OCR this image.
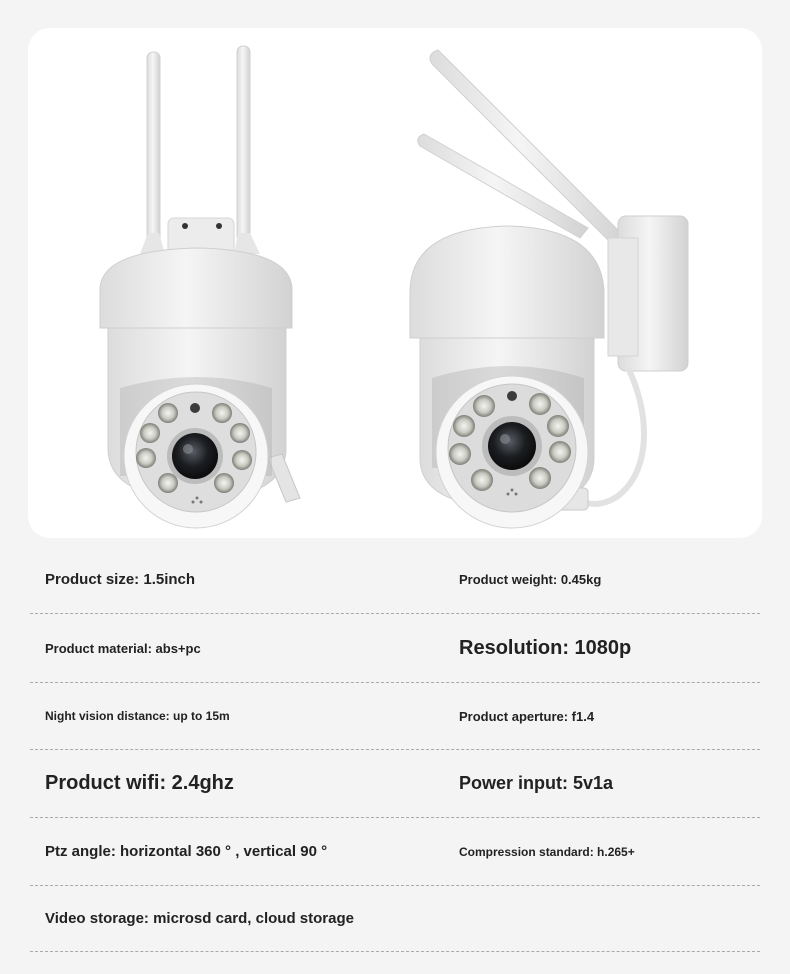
Product size: 1.5inch	Product weight: 0.45kg
Product material: abs+pc	Resolution: 1080p
Night vision distance: up to 15m	Product aperture: f1.4
Product wifi: 2.4ghz	Power input: 5v1a
Ptz angle: horizontal 360 ° , vertical 90 °	Compression standard: h.265+
Video storage: microsd card, cloud storage
